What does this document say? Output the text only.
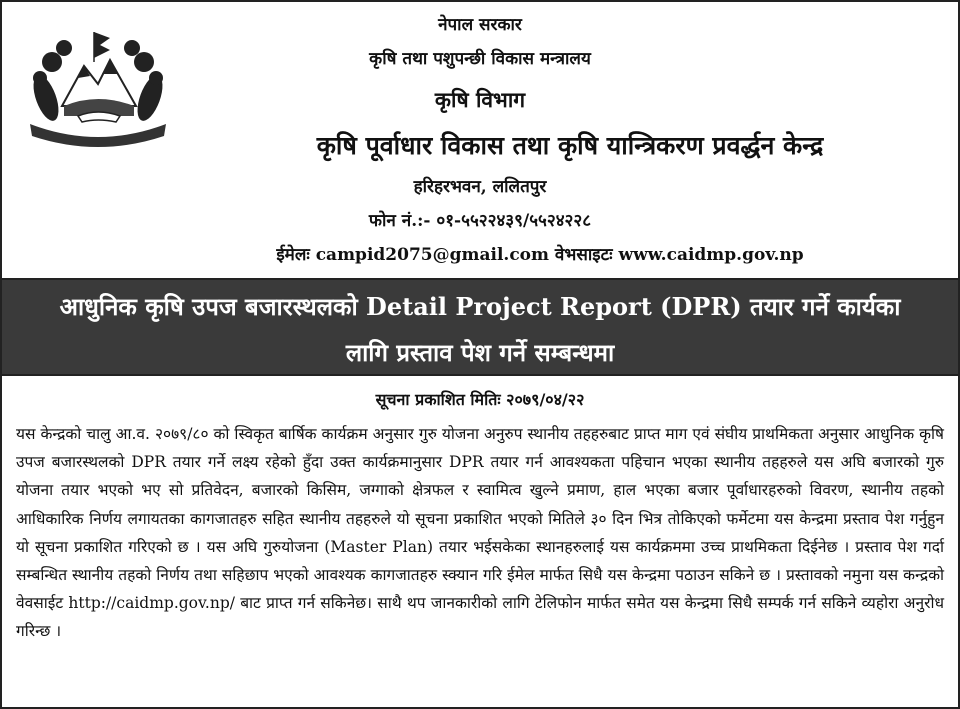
नेपाल सरकार
कृषि तथा पशुपन्छी विकास मन्त्रालय
कृषि विभाग
कृषि पूर्वाधार विकास तथा कृषि यान्त्रिकरण प्रवर्द्धन केन्द्र
हरिहरभवन, ललितपुर
फोन नं.:- ०१-५५२२४३९/५५२४२२८
ईमेलः campid2075@gmail.com वेभसाइटः www.caidmp.gov.np
आधुनिक कृषि उपज बजारस्थलको Detail Project Report (DPR) तयार गर्ने कार्यका
लागि प्रस्ताव पेश गर्ने सम्बन्धमा
सूचना प्रकाशित मितिः २०७९/०४/२२
यस केन्द्रको चालु आ.व. २०७९/८० को स्विकृत बार्षिक कार्यक्रम अनुसार गुरु योजना अनुरुप स्थानीय तहहरुबाट प्राप्त माग एवं संघीय प्राथमिकता अनुसार आधुनिक कृषि उपज बजारस्थलको DPR तयार गर्ने लक्ष्य रहेको हुँदा उक्त कार्यक्रमानुसार DPR तयार गर्न आवश्यकता पहिचान भएका स्थानीय तहहरुले यस अघि बजारको गुरु योजना तयार भएको भए सो प्रतिवेदन, बजारको किसिम, जग्गाको क्षेत्रफल र स्वामित्व खुल्ने प्रमाण, हाल भएका बजार पूर्वाधारहरुको विवरण, स्थानीय तहको आधिकारिक निर्णय लगायतका कागजातहरु सहित स्थानीय तहहरुले यो सूचना प्रकाशित भएको मितिले ३० दिन भित्र तोकिएको फर्मेटमा यस केन्द्रमा प्रस्ताव पेश गर्नुहुन यो सूचना प्रकाशित गरिएको छ । यस अघि गुरुयोजना (Master Plan) तयार भईसकेका स्थानहरुलाई यस कार्यक्रममा उच्च प्राथमिकता दिईनेछ । प्रस्ताव पेश गर्दा सम्बन्धित स्थानीय तहको निर्णय तथा सहिछाप भएको आवश्यक कागजातहरु स्क्यान गरि ईमेल मार्फत सिधै यस केन्द्रमा पठाउन सकिने छ । प्रस्तावको नमुना यस कन्द्रको वेवसाईट http://caidmp.gov.np/ बाट प्राप्त गर्न सकिनेछ। साथै थप जानकारीको लागि टेलिफोन मार्फत समेत यस केन्द्रमा सिधै सम्पर्क गर्न सकिने व्यहोरा अनुरोध गरिन्छ ।
